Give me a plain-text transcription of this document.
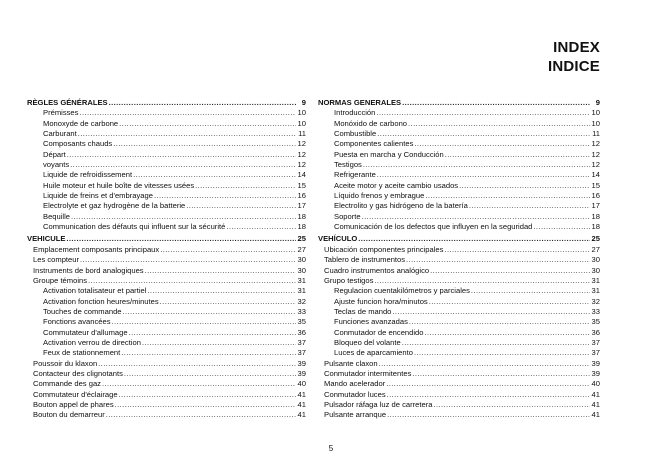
INDEX
INDICE
RÈGLES GÉNÉRALES .....	9
Prémisses .....	10
Monoxyde de carbone .....	10
Carburant .....	11
Composants chauds .....	12
Départ .....	12
voyants .....	12
Liquide de refroidissement .....	14
Huile moteur et huile boîte de vitesses usées .....	15
Liquide de freins et d'embrayage .....	16
Electrolyte et gaz hydrogène de la batterie .....	17
Bequille .....	18
Communication des défauts qui influent sur la sécurité .....	18
VEHICULE .....	25
Emplacement composants principaux .....	27
Les compteur .....	30
Instruments de bord analogiques .....	30
Groupe témoins .....	31
Activation totalisateur et partiel .....	31
Activation fonction heures/minutes .....	32
Touches de commande .....	33
Fonctions avancées .....	35
Commutateur d'allumage .....	36
Activation verrou de direction .....	37
Feux de stationnement .....	37
Poussoir du klaxon .....	39
Contacteur des clignotants .....	39
Commande des gaz .....	40
Commutateur d'éclairage .....	41
Bouton appel de phares .....	41
Bouton du demarreur .....	41
NORMAS GENERALES .....	9
Introducción .....	10
Monóxido de carbono .....	10
Combustible .....	11
Componentes calientes .....	12
Puesta en marcha y Conducción .....	12
Testigos .....	12
Refrigerante .....	14
Aceite motor y aceite cambio usados .....	15
Líquido frenos y embrague .....	16
Electrolito y gas hidrógeno de la batería .....	17
Soporte .....	18
Comunicación de los defectos que influyen en la seguridad .....	18
VEHÍCULO .....	25
Ubicación componentes principales .....	27
Tablero de instrumentos .....	30
Cuadro instrumentos analógico .....	30
Grupo testigos .....	31
Regulacion cuentakilómetros y parciales .....	31
Ajuste funcion hora/minutos .....	32
Teclas de mando .....	33
Funciones avanzadas .....	35
Conmutador de encendido .....	36
Bloqueo del volante .....	37
Luces de aparcamiento .....	37
Pulsante claxon .....	39
Conmutador intermitentes .....	39
Mando acelerador .....	40
Conmutador luces .....	41
Pulsador ráfaga luz de carretera .....	41
Pulsante arranque .....	41
5
